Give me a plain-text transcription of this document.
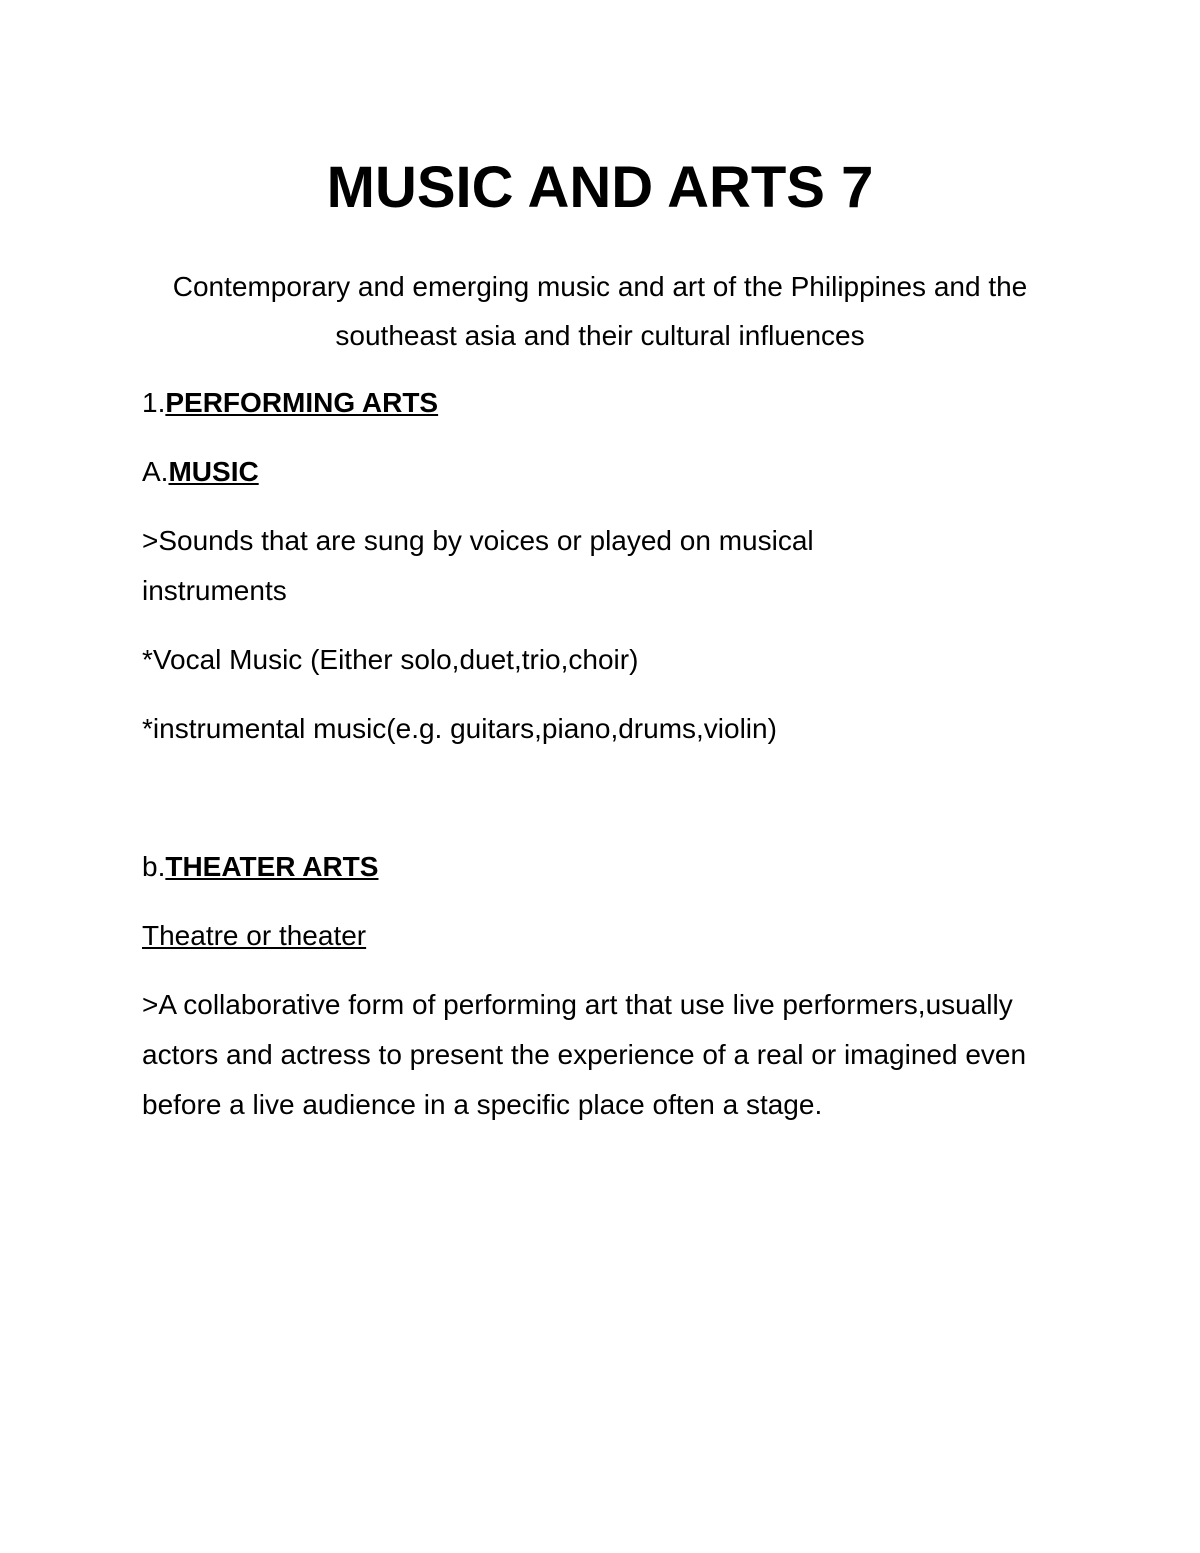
MUSIC AND ARTS 7
Contemporary and emerging music and art of the Philippines and the southeast asia and their cultural influences
1.PERFORMING ARTS
A.MUSIC
>Sounds that are sung by voices or played on musical instruments
*Vocal Music (Either solo,duet,trio,choir)
*instrumental music(e.g. guitars,piano,drums,violin)
b.THEATER ARTS
Theatre or theater
>A collaborative form of performing art that use live performers,usually actors and actress to present the experience of a real or imagined even before a live audience in a specific place often a stage.
